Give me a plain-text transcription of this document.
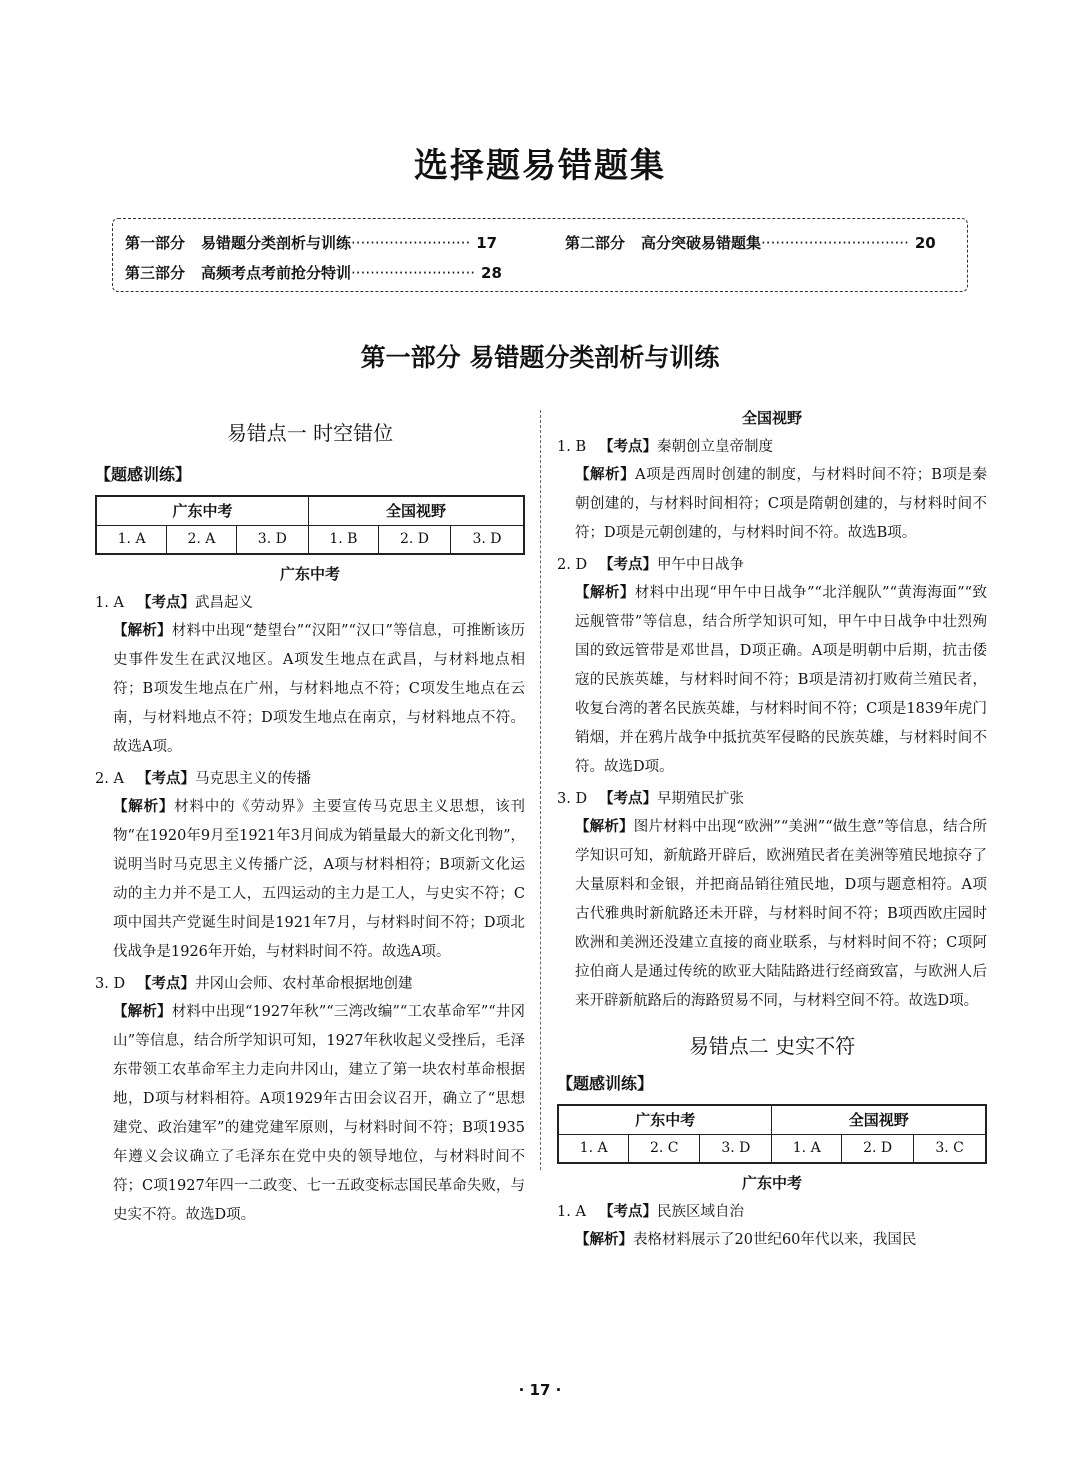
选择题易错题集
第一部分 易错题分类剖析与训练························· 17	第二部分 高分突破易错题集······························· 20
第三部分 高频考点考前抢分特训·························· 28
第一部分 易错题分类剖析与训练
易错点一 时空错位
【题感训练】
广东中考			全国视野		
1. A	2. A	3. D	1. B	2. D	3. D
广东中考
1. A 【考点】武昌起义
【解析】材料中出现“楚望台”“汉阳”“汉口”等信息，可推断该历史事件发生在武汉地区。A项发生地点在武昌，与材料地点相符；B项发生地点在广州，与材料地点不符；C项发生地点在云南，与材料地点不符；D项发生地点在南京，与材料地点不符。故选A项。
2. A 【考点】马克思主义的传播
【解析】材料中的《劳动界》主要宣传马克思主义思想，该刊物“在1920年9月至1921年3月间成为销量最大的新文化刊物”，说明当时马克思主义传播广泛，A项与材料相符；B项新文化运动的主力并不是工人，五四运动的主力是工人，与史实不符；C项中国共产党诞生时间是1921年7月，与材料时间不符；D项北伐战争是1926年开始，与材料时间不符。故选A项。
3. D 【考点】井冈山会师、农村革命根据地创建
【解析】材料中出现“1927年秋”“三湾改编”“工农革命军”“井冈山”等信息，结合所学知识可知，1927年秋收起义受挫后，毛泽东带领工农革命军主力走向井冈山，建立了第一块农村革命根据地，D项与材料相符。A项1929年古田会议召开，确立了“思想建党、政治建军”的建党建军原则，与材料时间不符；B项1935年遵义会议确立了毛泽东在党中央的领导地位，与材料时间不符；C项1927年四一二政变、七一五政变标志国民革命失败，与史实不符。故选D项。
全国视野
1. B 【考点】秦朝创立皇帝制度
【解析】A项是西周时创建的制度，与材料时间不符；B项是秦朝创建的，与材料时间相符；C项是隋朝创建的，与材料时间不符；D项是元朝创建的，与材料时间不符。故选B项。
2. D 【考点】甲午中日战争
【解析】材料中出现“甲午中日战争”“北洋舰队”“黄海海面”“致远舰管带”等信息，结合所学知识可知，甲午中日战争中壮烈殉国的致远管带是邓世昌，D项正确。A项是明朝中后期，抗击倭寇的民族英雄，与材料时间不符；B项是清初打败荷兰殖民者，收复台湾的著名民族英雄，与材料时间不符；C项是1839年虎门销烟，并在鸦片战争中抵抗英军侵略的民族英雄，与材料时间不符。故选D项。
3. D 【考点】早期殖民扩张
【解析】图片材料中出现“欧洲”“美洲”“做生意”等信息，结合所学知识可知，新航路开辟后，欧洲殖民者在美洲等殖民地掠夺了大量原料和金银，并把商品销往殖民地，D项与题意相符。A项古代雅典时新航路还未开辟，与材料时间不符；B项西欧庄园时欧洲和美洲还没建立直接的商业联系，与材料时间不符；C项阿拉伯商人是通过传统的欧亚大陆陆路进行经商致富，与欧洲人后来开辟新航路后的海路贸易不同，与材料空间不符。故选D项。
易错点二 史实不符
【题感训练】
广东中考			全国视野		
1. A	2. C	3. D	1. A	2. D	3. C
广东中考
1. A 【考点】民族区域自治
【解析】表格材料展示了20世纪60年代以来，我国民
· 17 ·
